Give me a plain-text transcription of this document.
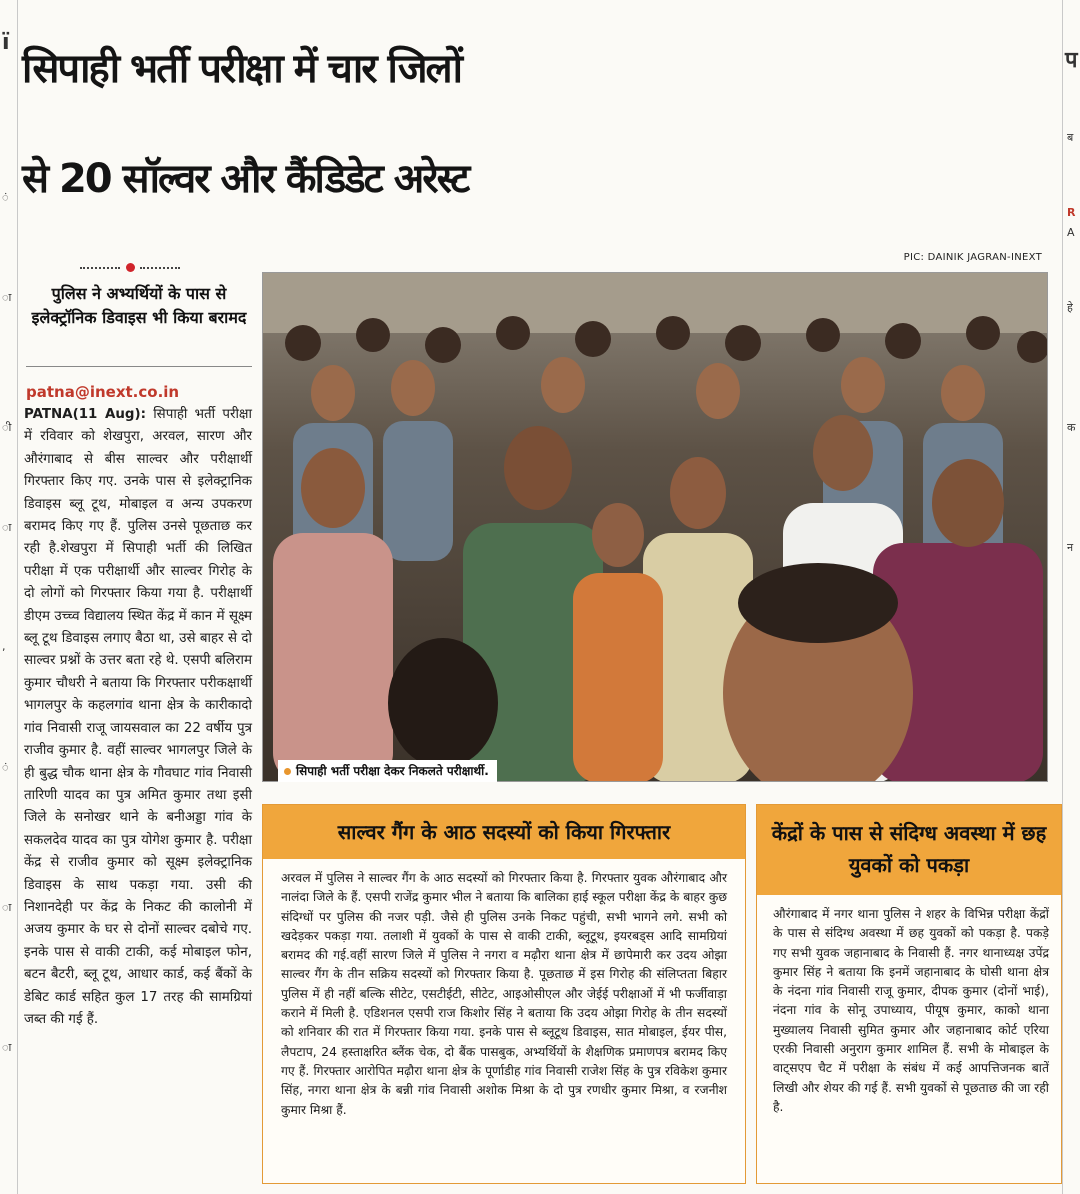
ï
ं
ा
ी
ा
,
ं
ा
ा
प
ब
R
A
हे
क
न
सिपाही भर्ती परीक्षा में चार जिलों
से 20 सॉल्वर और कैंडिडेट अरेस्ट
PIC: DAINIK JAGRAN-INEXT
पुलिस ने अभ्यर्थियों के पास से इलेक्ट्रॉनिक डिवाइस भी किया बरामद
patna@inext.co.in
PATNA(11 Aug): सिपाही भर्ती परीक्षा में रविवार को शेखपुरा, अरवल, सारण और औरंगाबाद से बीस साल्वर और परीक्षार्थी गिरफ्तार किए गए. उनके पास से इलेक्ट्रानिक डिवाइस ब्लू टूथ, मोबाइल व अन्य उपकरण बरामद किए गए हैं. पुलिस उनसे पूछताछ कर रही है.शेखपुरा में सिपाही भर्ती की लिखित परीक्षा में एक परीक्षार्थी और साल्वर गिरोह के दो लोगों को गिरफ्तार किया गया है. परीक्षार्थी डीएम उच्च्व विद्यालय स्थित केंद्र में कान में सूक्ष्म ब्लू टूथ डिवाइस लगाए बैठा था, उसे बाहर से दो साल्वर प्रश्नों के उत्तर बता रहे थे. एसपी बलिराम कुमार चौधरी ने बताया कि गिरफ्तार परीकक्षार्थी भागलपुर के कहलगांव थाना क्षेत्र के कारीकादो गांव निवासी राजू जायसवाल का 22 वर्षीय पुत्र राजीव कुमार है. वहीं साल्वर भागलपुर जिले के ही बुद्ध चौक थाना क्षेत्र के गौवघाट गांव निवासी तारिणी यादव का पुत्र अमित कुमार तथा इसी जिले के सनोखर थाने के बनीअड्डा गांव के सकलदेव यादव का पुत्र योगेश कुमार है. परीक्षा केंद्र से राजीव कुमार को सूक्ष्म इलेक्ट्रानिक डिवाइस के साथ पकड़ा गया. उसी की निशानदेही पर केंद्र के निकट की कालोनी में अजय कुमार के घर से दोनों साल्वर दबोचे गए. इनके पास से वाकी टाकी, कई मोबाइल फोन, बटन बैटरी, ब्लू टूथ, आधार कार्ड, कई बैंकों के डेबिट कार्ड सहित कुल 17 तरह की सामग्रियां जब्त की गई हैं.
सिपाही भर्ती परीक्षा देकर निकलते परीक्षार्थी.
साल्वर गैंग के आठ सदस्यों को किया गिरफ्तार
अरवल में पुलिस ने साल्वर गैंग के आठ सदस्यों को गिरफ्तार किया है. गिरफ्तार युवक औरंगाबाद और नालंदा जिले के हैं. एसपी राजेंद्र कुमार भील ने बताया कि बालिका हाई स्कूल परीक्षा केंद्र के बाहर कुछ संदिग्धों पर पुलिस की नजर पड़ी. जैसे ही पुलिस उनके निकट पहुंची, सभी भागने लगे. सभी को खदेड़कर पकड़ा गया. तलाशी में युवकों के पास से वाकी टाकी, ब्लूटूथ, इयरबड्स आदि सामग्रियां बरामद की गई.वहीं सारण जिले में पुलिस ने नगरा व मढ़ौरा थाना क्षेत्र में छापेमारी कर उदय ओझा साल्वर गैंग के तीन सक्रिय सदस्यों को गिरफ्तार किया है. पूछताछ में इस गिरोह की संलिप्तता बिहार पुलिस में ही नहीं बल्कि सीटेट, एसटीईटी, सीटेट, आइओसीएल और जेईई परीक्षाओं में भी फर्जीवाड़ा कराने में मिली है. एडिशनल एसपी राज किशोर सिंह ने बताया कि उदय ओझा गिरोह के तीन सदस्यों को शनिवार की रात में गिरफ्तार किया गया. इनके पास से ब्लूटूथ डिवाइस, सात मोबाइल, ईयर पीस, लैपटाप, 24 हस्ताक्षरित ब्लैंक चेक, दो बैंक पासबुक, अभ्यर्थियों के शैक्षणिक प्रमाणपत्र बरामद किए गए हैं. गिरफ्तार आरोपित मढ़ौरा थाना क्षेत्र के पूर्णाडीह गांव निवासी राजेश सिंह के पुत्र रविकेश कुमार सिंह, नगरा थाना क्षेत्र के बन्नी गांव निवासी अशोक मिश्रा के दो पुत्र रणधीर कुमार मिश्रा, व रजनीश कुमार मिश्रा हैं.
केंद्रों के पास से संदिग्ध अवस्था में छह युवकों को पकड़ा
औरंगाबाद में नगर थाना पुलिस ने शहर के विभिन्न परीक्षा केंद्रों के पास से संदिग्ध अवस्था में छह युवकों को पकड़ा है. पकड़े गए सभी युवक जहानाबाद के निवासी हैं. नगर थानाध्यक्ष उपेंद्र कुमार सिंह ने बताया कि इनमें जहानाबाद के घोसी थाना क्षेत्र के नंदना गांव निवासी राजू कुमार, दीपक कुमार (दोनों भाई), नंदना गांव के सोनू उपाध्याय, पीयूष कुमार, काको थाना मुख्यालय निवासी सुमित कुमार और जहानाबाद कोर्ट एरिया एरकी निवासी अनुराग कुमार शामिल हैं. सभी के मोबाइल के वाट्सएप चैट में परीक्षा के संबंध में कई आपत्तिजनक बातें लिखी और शेयर की गई हैं. सभी युवकों से पूछताछ की जा रही है.
